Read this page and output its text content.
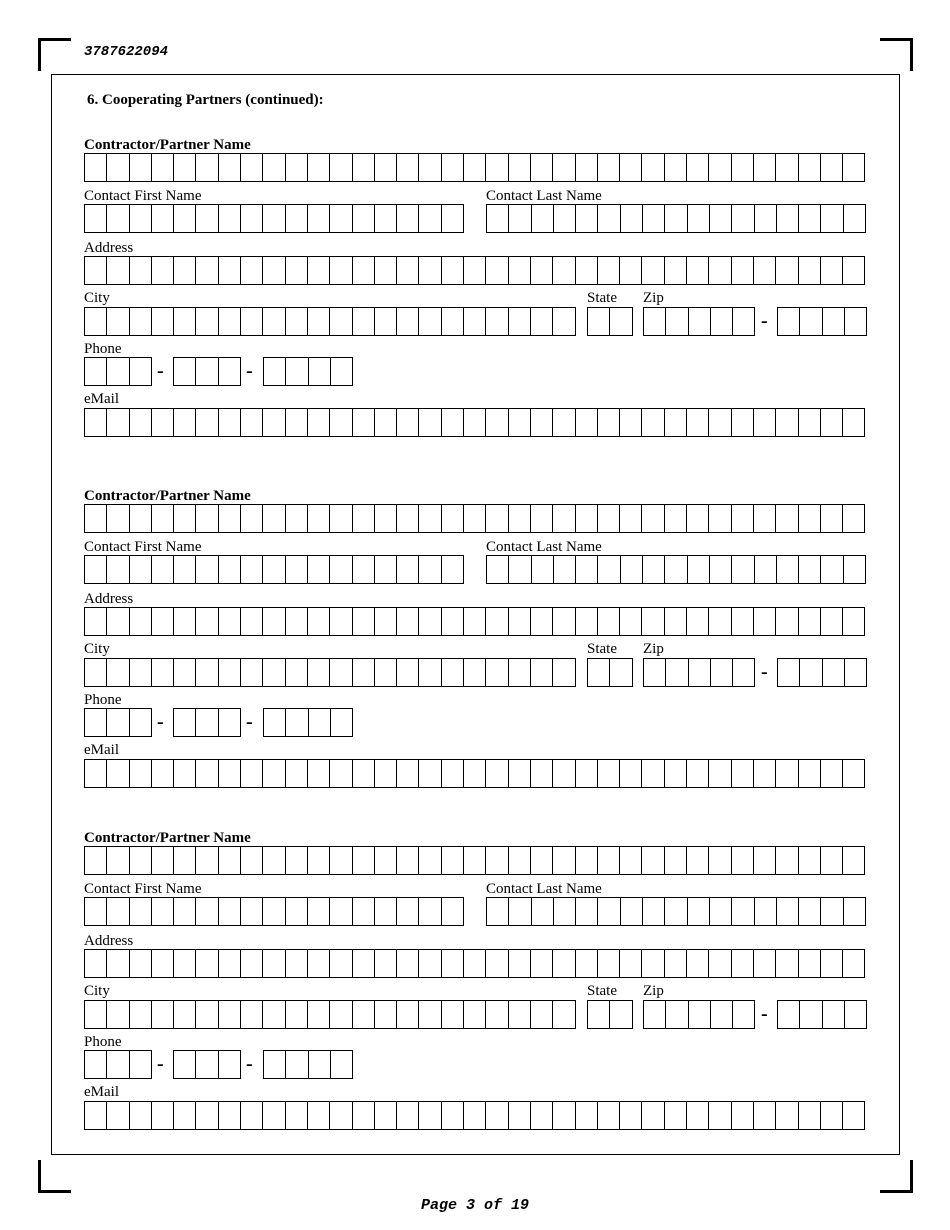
3787622094
6. Cooperating Partners (continued):
Contractor/Partner Name
Contact First Name	Contact Last Name
Address
City	State Zip
-
Phone
-	-
eMail
Contractor/Partner Name
Contact First Name	Contact Last Name
Address
City	State Zip
-
Phone
-	-
eMail
Contractor/Partner Name
Contact First Name	Contact Last Name
Address
City	State Zip
-
Phone
-	-
eMail
Page 3 of 19
